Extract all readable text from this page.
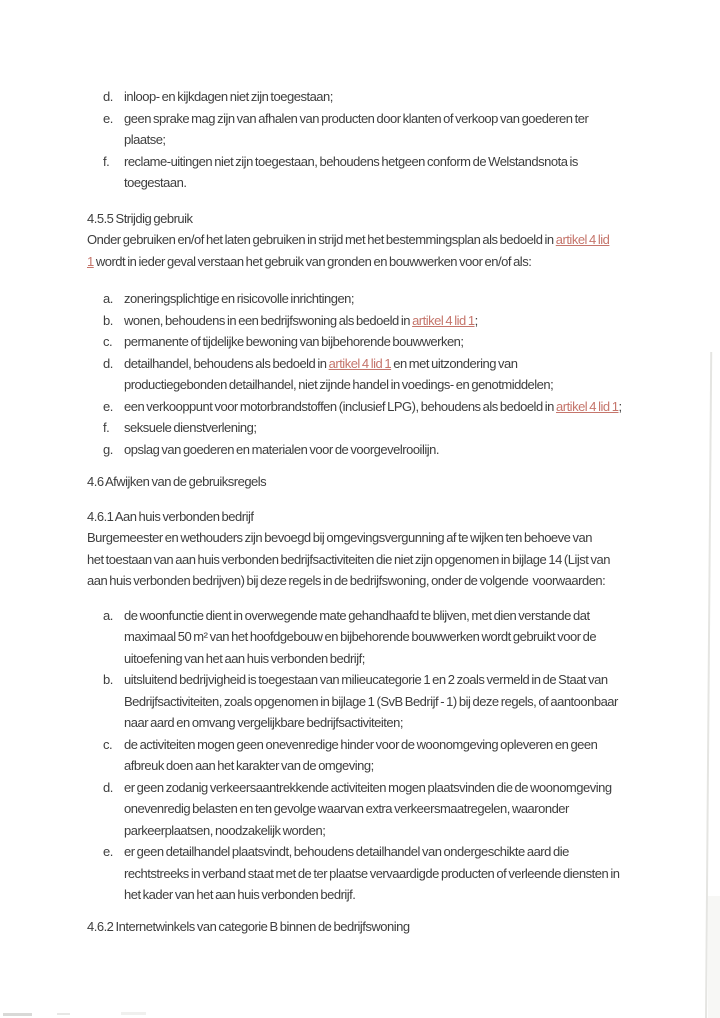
d. inloop- en kijkdagen niet zijn toegestaan;
e. geen sprake mag zijn van afhalen van producten door klanten of verkoop van goederen ter
plaatse;
f.	reclame-uitingen niet zijn toegestaan, behoudens hetgeen conform de Welstandsnota is
toegestaan.
4.5.5 Strijdig gebruik
Onder gebruiken en/of het laten gebruiken in strijd met het bestemmingsplan als bedoeld in artikel 4 lid
1 wordt in ieder geval verstaan het gebruik van gronden en bouwwerken voor en/of als:
a. zoneringsplichtige en risicovolle inrichtingen;
b. wonen, behoudens in een bedrijfswoning als bedoeld in artikel 4 lid 1;
c. permanente of tijdelijke bewoning van bijbehorende bouwwerken;
d. detailhandel, behoudens als bedoeld in artikel 4 lid 1 en met uitzondering van
productiegebonden detailhandel, niet zijnde handel in voedings- en genotmiddelen;
e. een verkooppunt voor motorbrandstoffen (inclusief LPG), behoudens als bedoeld in artikel 4 lid 1;
f.	seksuele dienstverlening;
g. opslag van goederen en materialen voor de voorgevelrooilijn.
4.6 Afwijken van de gebruiksregels
4.6.1 Aan huis verbonden bedrijf
Burgemeester en wethouders zijn bevoegd bij omgevingsvergunning af te wijken ten behoeve van
het toestaan van aan huis verbonden bedrijfsactiviteiten die niet zijn opgenomen in bijlage 14 (Lijst van
aan huis verbonden bedrijven) bij deze regels in de bedrijfswoning, onder de volgende  voorwaarden:
a. de woonfunctie dient in overwegende mate gehandhaafd te blijven, met dien verstande dat
maximaal 50 m² van het hoofdgebouw en bijbehorende bouwwerken wordt gebruikt voor de
uitoefening van het aan huis verbonden bedrijf;
b. uitsluitend bedrijvigheid is toegestaan van milieucategorie 1 en 2 zoals vermeld in de Staat van
Bedrijfsactiviteiten, zoals opgenomen in bijlage 1 (SvB Bedrijf - 1) bij deze regels, of aantoonbaar
naar aard en omvang vergelijkbare bedrijfsactiviteiten;
c. de activiteiten mogen geen onevenredige hinder voor de woonomgeving opleveren en geen
afbreuk doen aan het karakter van de omgeving;
d. er geen zodanig verkeersaantrekkende activiteiten mogen plaatsvinden die de woonomgeving
onevenredig belasten en ten gevolge waarvan extra verkeersmaatregelen, waaronder
parkeerplaatsen, noodzakelijk worden;
e. er geen detailhandel plaatsvindt, behoudens detailhandel van ondergeschikte aard die
rechtstreeks in verband staat met de ter plaatse vervaardigde producten of verleende diensten in
het kader van het aan huis verbonden bedrijf.
4.6.2 Internetwinkels van categorie B binnen de bedrijfswoning
